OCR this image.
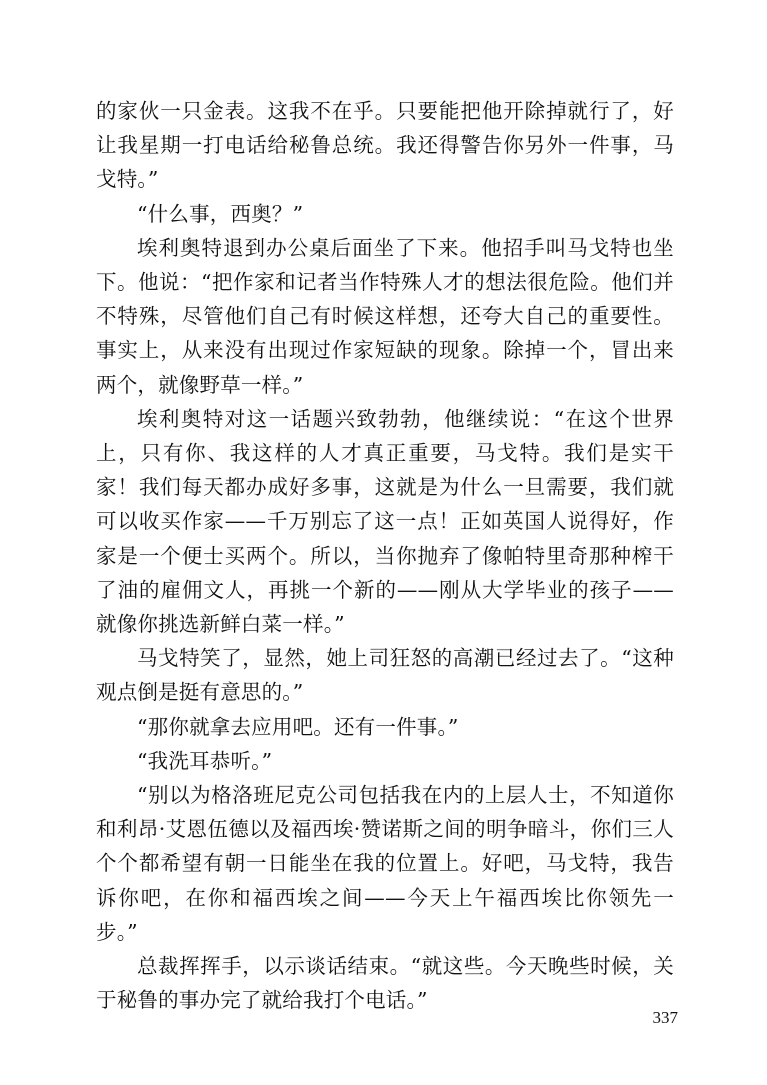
的家伙一只金表。这我不在乎。只要能把他开除掉就行了，好让我星期一打电话给秘鲁总统。我还得警告你另外一件事，马戈特。”

“什么事，西奥？”

埃利奥特退到办公桌后面坐了下来。他招手叫马戈特也坐下。他说：“把作家和记者当作特殊人才的想法很危险。他们并不特殊，尽管他们自己有时候这样想，还夸大自己的重要性。事实上，从来没有出现过作家短缺的现象。除掉一个，冒出来两个，就像野草一样。”

埃利奥特对这一话题兴致勃勃，他继续说：“在这个世界上，只有你、我这样的人才真正重要，马戈特。我们是实干家！我们每天都办成好多事，这就是为什么一旦需要，我们就可以收买作家——千万别忘了这一点！正如英国人说得好，作家是一个便士买两个。所以，当你抛弃了像帕特里奇那种榨干了油的雇佣文人，再挑一个新的——刚从大学毕业的孩子——就像你挑选新鲜白菜一样。”

马戈特笑了，显然，她上司狂怒的高潮已经过去了。“这种观点倒是挺有意思的。”

“那你就拿去应用吧。还有一件事。”

“我洗耳恭听。”

“别以为格洛班尼克公司包括我在内的上层人士，不知道你和利昂·艾恩伍德以及福西埃·赞诺斯之间的明争暗斗，你们三人个个都希望有朝一日能坐在我的位置上。好吧，马戈特，我告诉你吧，在你和福西埃之间——今天上午福西埃比你领先一步。”

总裁挥挥手，以示谈话结束。“就这些。今天晚些时候，关于秘鲁的事办完了就给我打个电话。”

337
